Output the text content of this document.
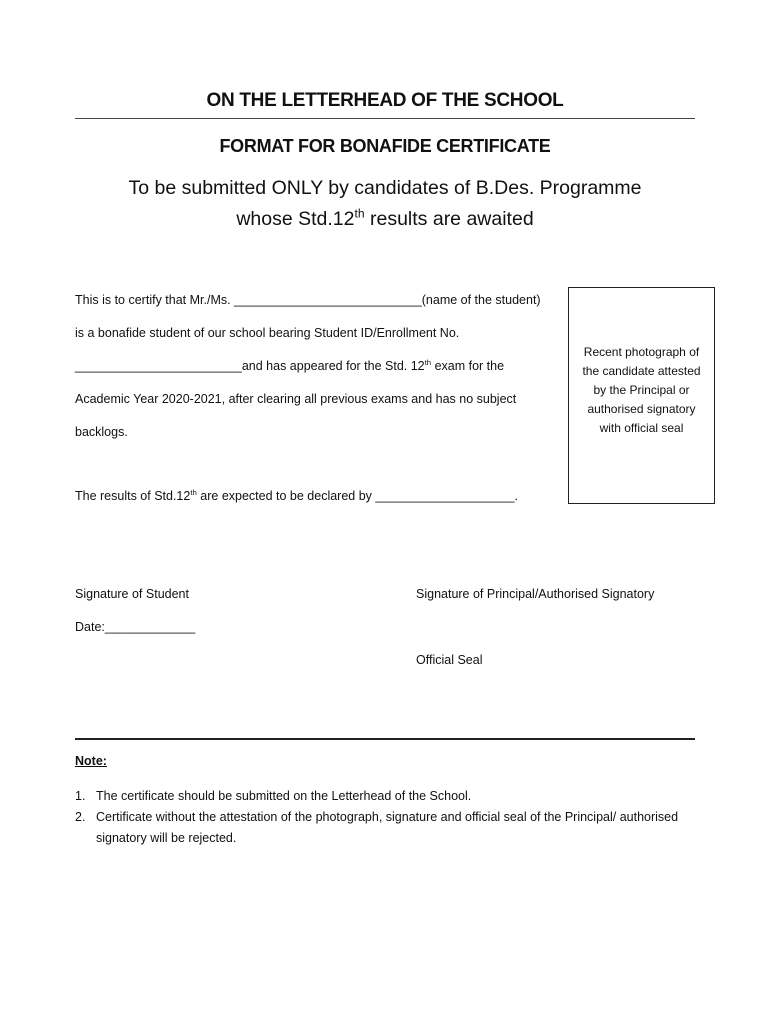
ON THE LETTERHEAD OF THE SCHOOL
FORMAT FOR BONAFIDE CERTIFICATE
To be submitted ONLY by candidates of B.Des. Programme
whose Std.12th results are awaited
This is to certify that Mr./Ms. ___________________________(name of the student)
is a bonafide student of our school bearing Student ID/Enrollment No.
________________________and has appeared for the Std. 12th exam for the
Academic Year 2020-2021, after clearing all previous exams and has no subject
backlogs.
The results of Std.12th are expected to be declared by ____________________.
Recent photograph of
the candidate attested
by the Principal or
authorised signatory
with official seal
Signature of Student	Signature of Principal/Authorised Signatory
Date:_____________
Official Seal
Note:
1. The certificate should be submitted on the Letterhead of the School.
2. Certificate without the attestation of the photograph, signature and official seal of the Principal/ authorised signatory will be rejected.
